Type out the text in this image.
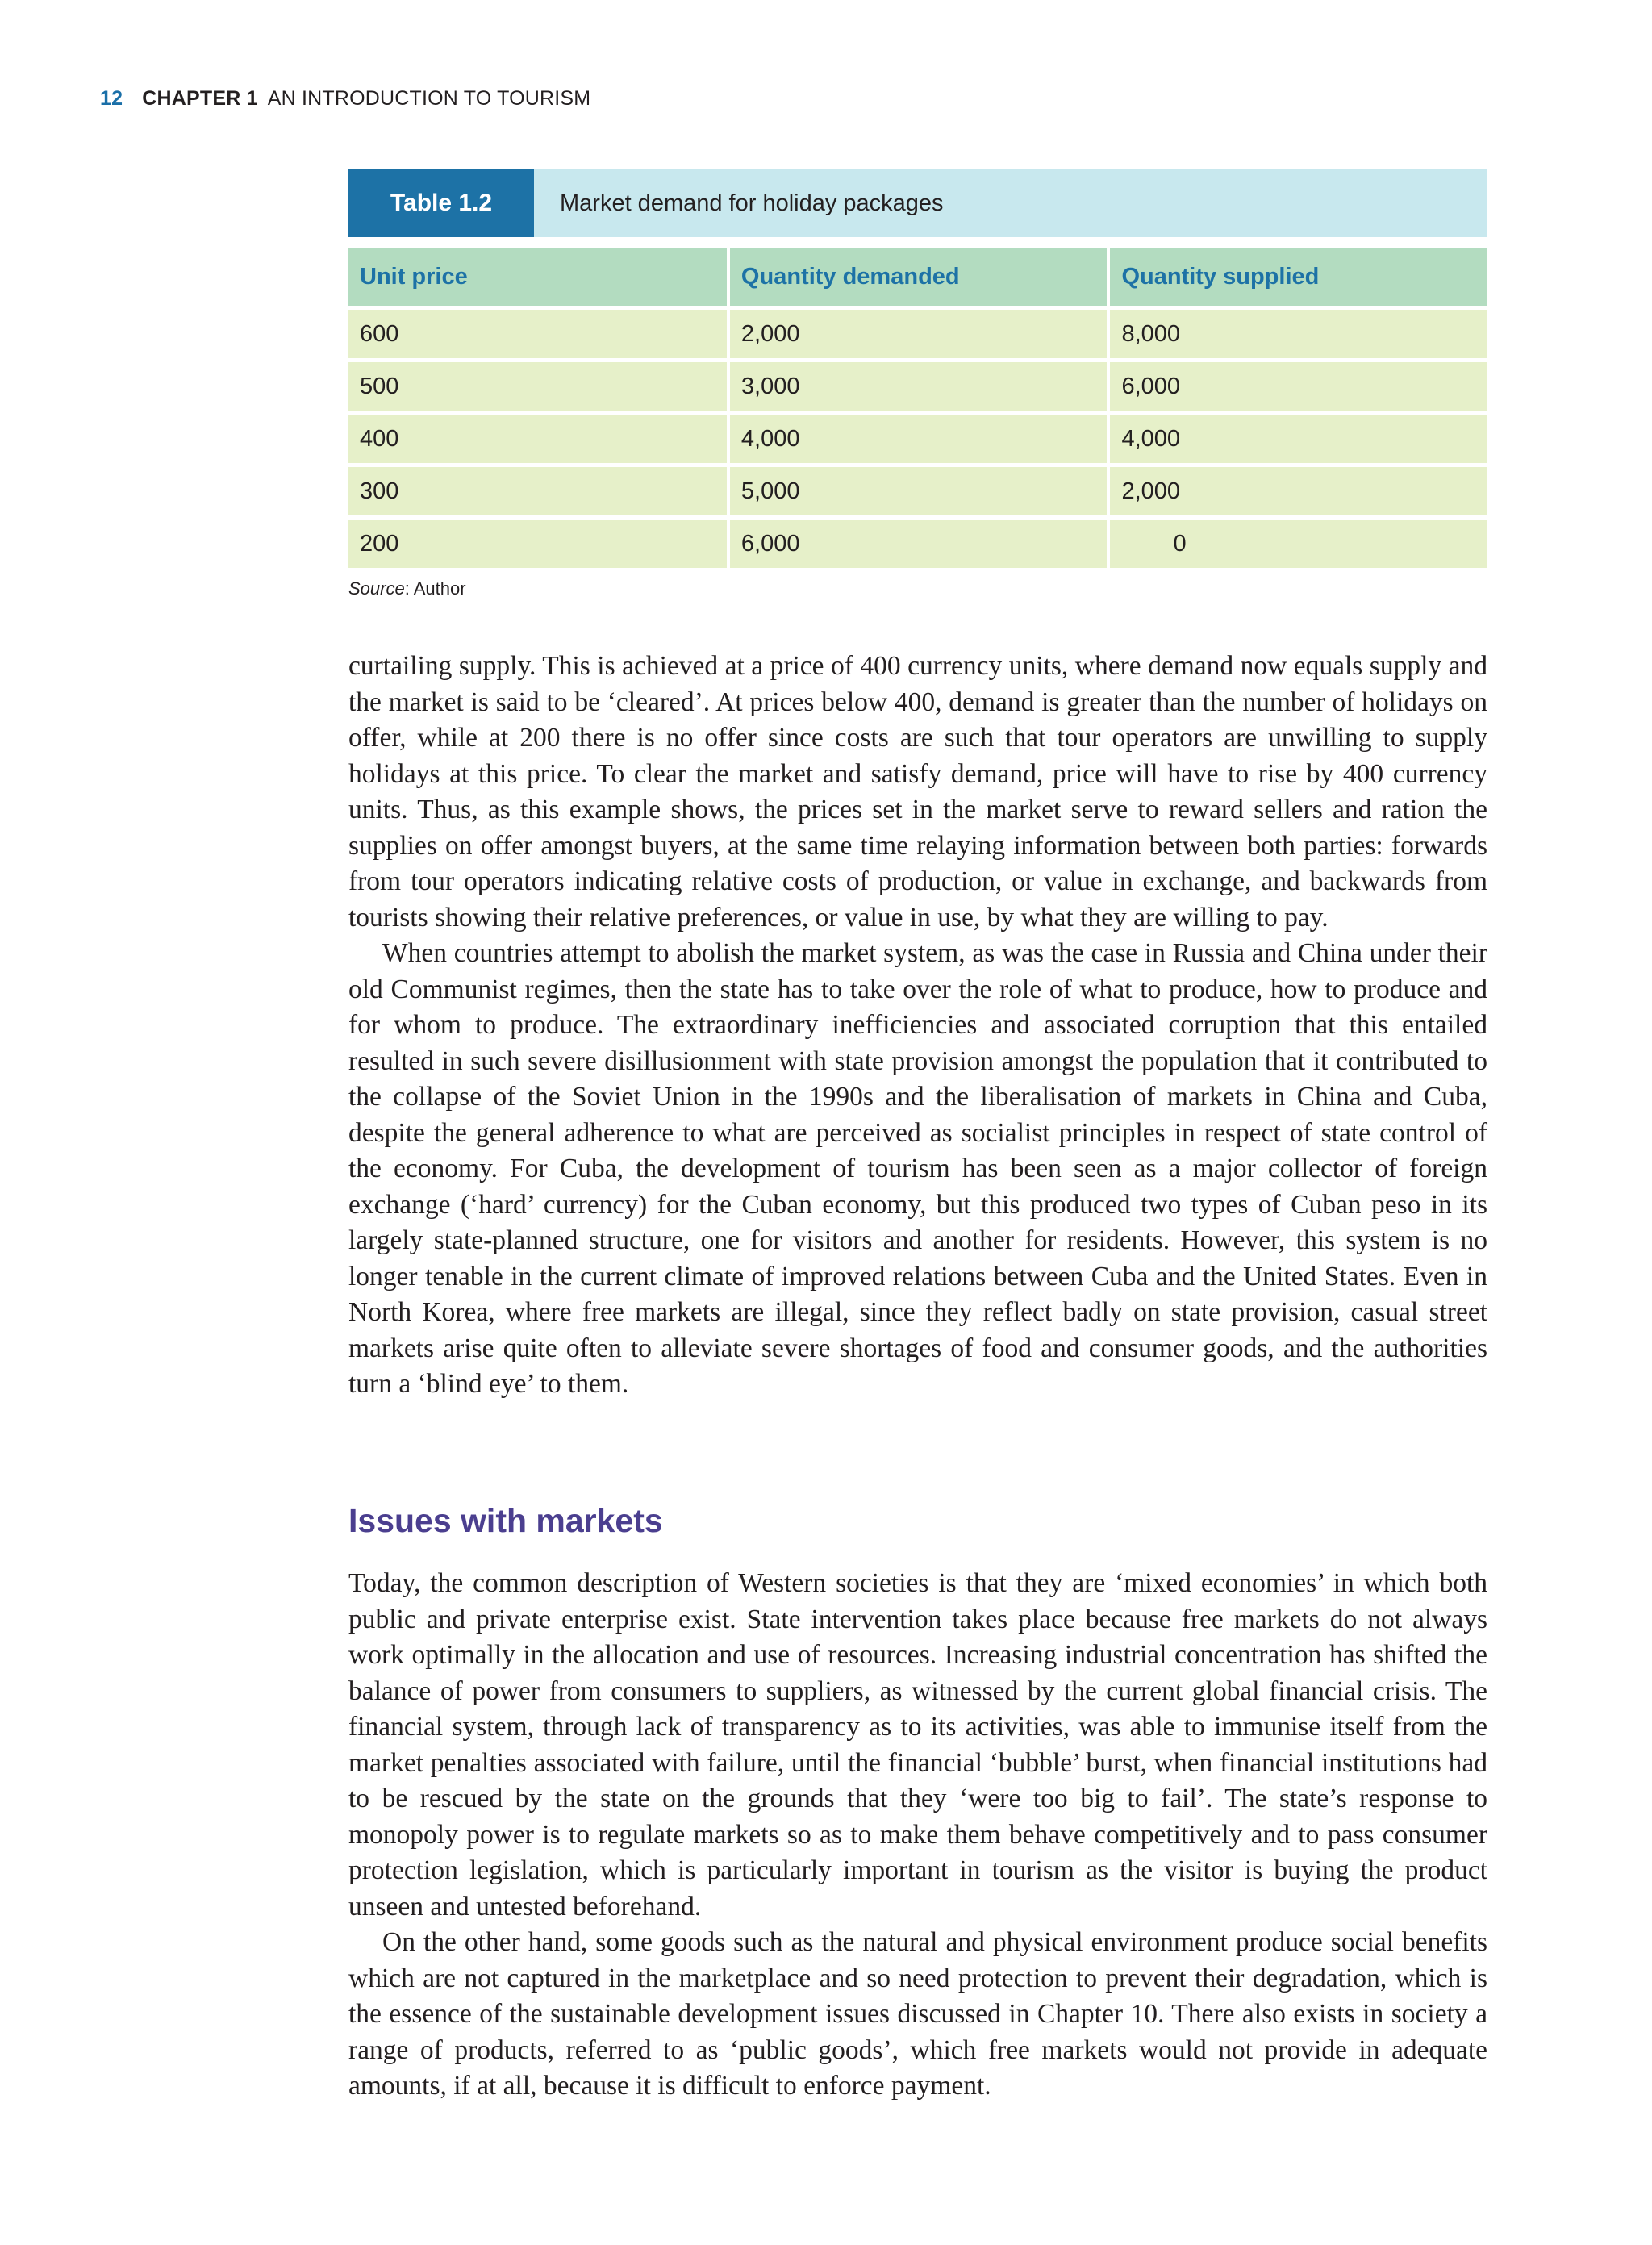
12 CHAPTER 1 AN INTRODUCTION TO TOURISM
Table 1.2	Market demand for holiday packages
Unit price	Quantity demanded	Quantity supplied
600	2,000	8,000
500	3,000	6,000
400	4,000	4,000
300	5,000	2,000
200	6,000	0
Source: Author

curtailing supply. This is achieved at a price of 400 currency units, where demand now equals supply and the market is said to be ‘cleared’. At prices below 400, demand is greater than the number of holidays on offer, while at 200 there is no offer since costs are such that tour operators are unwilling to supply holidays at this price. To clear the market and satisfy demand, price will have to rise by 400 currency units. Thus, as this example shows, the prices set in the market serve to reward sellers and ration the supplies on offer amongst buyers, at the same time relaying information between both parties: forwards from tour operators indicating relative costs of production, or value in exchange, and backwards from tourists showing their relative preferences, or value in use, by what they are willing to pay.

When countries attempt to abolish the market system, as was the case in Russia and China under their old Communist regimes, then the state has to take over the role of what to produce, how to produce and for whom to produce. The extraordinary inefficiencies and associated corruption that this entailed resulted in such severe disillusionment with state provision amongst the population that it contributed to the collapse of the Soviet Union in the 1990s and the liberalisation of markets in China and Cuba, despite the general adherence to what are perceived as socialist principles in respect of state control of the economy. For Cuba, the development of tourism has been seen as a major collector of foreign exchange (‘hard’ currency) for the Cuban economy, but this produced two types of Cuban peso in its largely state-planned structure, one for visitors and another for residents. However, this system is no longer tenable in the current climate of improved relations between Cuba and the United States. Even in North Korea, where free markets are illegal, since they reflect badly on state provision, casual street markets arise quite often to alleviate severe shortages of food and consumer goods, and the authorities turn a ‘blind eye’ to them.

Issues with markets

Today, the common description of Western societies is that they are ‘mixed economies’ in which both public and private enterprise exist. State intervention takes place because free markets do not always work optimally in the allocation and use of resources. Increasing industrial concentration has shifted the balance of power from consumers to suppliers, as witnessed by the current global financial crisis. The financial system, through lack of transparency as to its activities, was able to immunise itself from the market penalties associated with failure, until the financial ‘bubble’ burst, when financial institutions had to be rescued by the state on the grounds that they ‘were too big to fail’. The state’s response to monopoly power is to regulate markets so as to make them behave competitively and to pass consumer protection legislation, which is particularly important in tourism as the visitor is buying the product unseen and untested beforehand.

On the other hand, some goods such as the natural and physical environment produce social benefits which are not captured in the marketplace and so need protection to prevent their degradation, which is the essence of the sustainable development issues discussed in Chapter 10. There also exists in society a range of products, referred to as ‘public goods’, which free markets would not provide in adequate amounts, if at all, because it is difficult to enforce payment.
